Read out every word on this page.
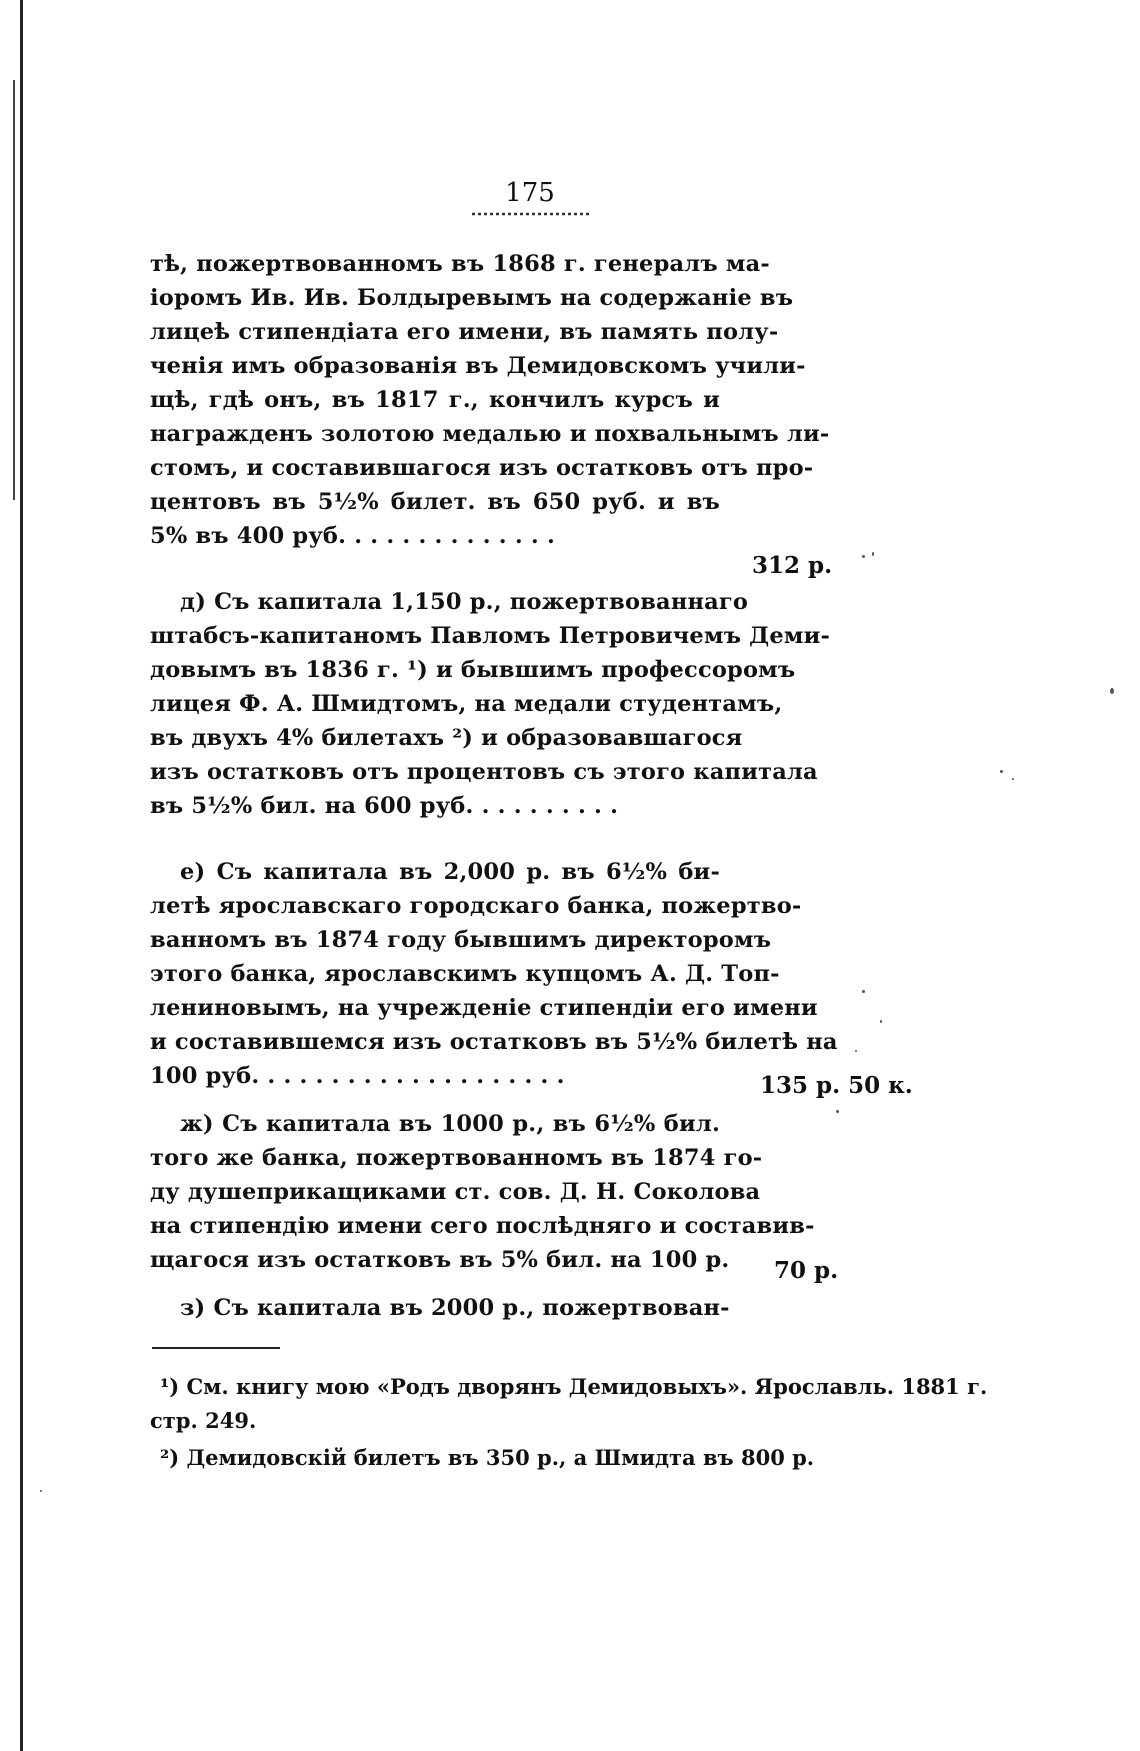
175
тѣ, пожертвованномъ въ 1868 г. генералъ ма-
іоромъ Ив. Ив. Болдыревымъ на содержаніе въ
лицеѣ стипендіата его имени, въ память полу-
ченія имъ образованія въ Демидовскомъ учили-
щѣ, гдѣ онъ, въ 1817 г., кончилъ курсъ и
награжденъ золотою медалью и похвальнымъ ли-
стомъ, и составившагося изъ остатковъ отъ про-
центовъ въ 5½% билет. въ 650 руб. и въ
5% въ 400 руб. . . . . . . . . . . . . .
д) Съ капитала 1,150 р., пожертвованнаго
штабсъ-капитаномъ Павломъ Петровичемъ Деми-
довымъ въ 1836 г. ¹) и бывшимъ профессоромъ
лицея Ф. А. Шмидтомъ, на медали студентамъ,
въ двухъ 4% билетахъ ²) и образовавшагося
изъ остатковъ отъ процентовъ съ этого капитала
въ 5½% бил. на 600 руб. . . . . . . . . .
е) Съ капитала въ 2,000 р. въ 6½% би-
летѣ ярославскаго городскаго банка, пожертво-
ванномъ въ 1874 году бывшимъ директоромъ
этого банка, ярославскимъ купцомъ А. Д. Топ-
лениновымъ, на учрежденіе стипендіи его имени
и составившемся изъ остатковъ въ 5½% билетѣ на
100 руб. . . . . . . . . . . . . . . . . . . .
ж) Съ капитала въ 1000 р., въ 6½% бил.
того же банка, пожертвованномъ въ 1874 го-
ду душеприкащиками ст. сов. Д. Н. Соколова
на стипендію имени сего послѣдняго и составив-
щагося изъ остатковъ въ 5% бил. на 100 р.
з) Съ капитала въ 2000 р., пожертвован-
312 р.
135 р. 50 к.
70 р.
¹) См. книгу мою «Родъ дворянъ Демидовыхъ». Ярославль. 1881 г.
стр. 249.
²) Демидовскій билетъ въ 350 р., а Шмидта въ 800 р.
